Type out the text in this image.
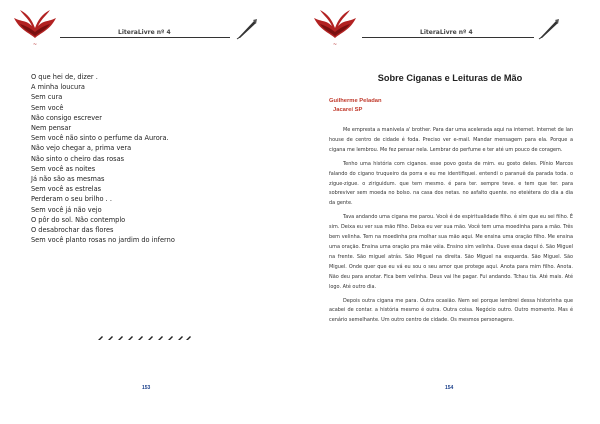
~
LiteraLivre nº 4
O que hei de, dizer .
A minha loucura
Sem cura
Sem você
Não consigo escrever
Nem pensar
Sem você não sinto o perfume da Aurora.
Não vejo chegar a, prima vera
Não sinto o cheiro das rosas
Sem você as noites
Já não são as mesmas
Sem você as estrelas
Perderam o seu brilho . .
Sem você já não vejo
O pôr do sol. Não contemplo
O desabrochar das flores
Sem você planto rosas no jardim do inferno
153
~
LiteraLivre nº 4
Sobre Ciganas e Leituras de Mão
Guilherme Peladan
Jacareí SP

Me empresta a manivela a' brother. Para dar uma acelerada aqui na internet. Internet de lan house de centro de cidade é foda. Preciso ver e-mail. Mandar mensagem para ela. Porque a cigana me lembrou. Me fez pensar nela. Lembrar do perfume e ter até um pouco de coragem.

Tenho uma história com ciganos. esse povo gosta de mim. eu gosto deles. Plínio Marcos falando do cigano truqueiro da porra e eu me identifiquei. entendi o paranuê da parada toda. o zigue-zigue. o ziriguidum. que tem mesmo. é para ter. sempre teve. e tem que ter. para sobreviver sem moeda no bolso. na casa dos netas. no asfalto quente. no eteiétera do dia a dia da gente.

Tava andando uma cigana me parou. Você é de espiritualidade filho. é sim que eu sei filho. É sim. Deixa eu ver sua mão filho. Deixa eu ver sua mão. Você tem uma moedinha para a mão. Três bem velinha. Tem na moedinha pra molhar sua mão aqui. Me ensina uma oração filho. Me ensina uma oração. Ensina uma oração pra mãe véia. Ensino sim velinha. Ouve essa daqui ó. São Miguel na frente. São miguel atrás. São Miguel na direita. São Miguel na esquerda. São Miguel. São Miguel. Onde quer que eu vá eu sou o seu amor que protege aqui. Anota para mim filho. Anota. Não deu para anotar. Fica bem velinha. Deus vai lhe pagar. Fui andando. Tchau tia. Até mais. Até logo. Até outro dia.

Depois outra cigana me para. Outra ocasião. Nem sei porque lembrei dessa historinha que acabei de contar. a história mesmo é outra. Outra coisa. Negócio outro. Outro momento. Mas é cenário semelhante. Um outro centro de cidade. Os mesmos personagens.

154
